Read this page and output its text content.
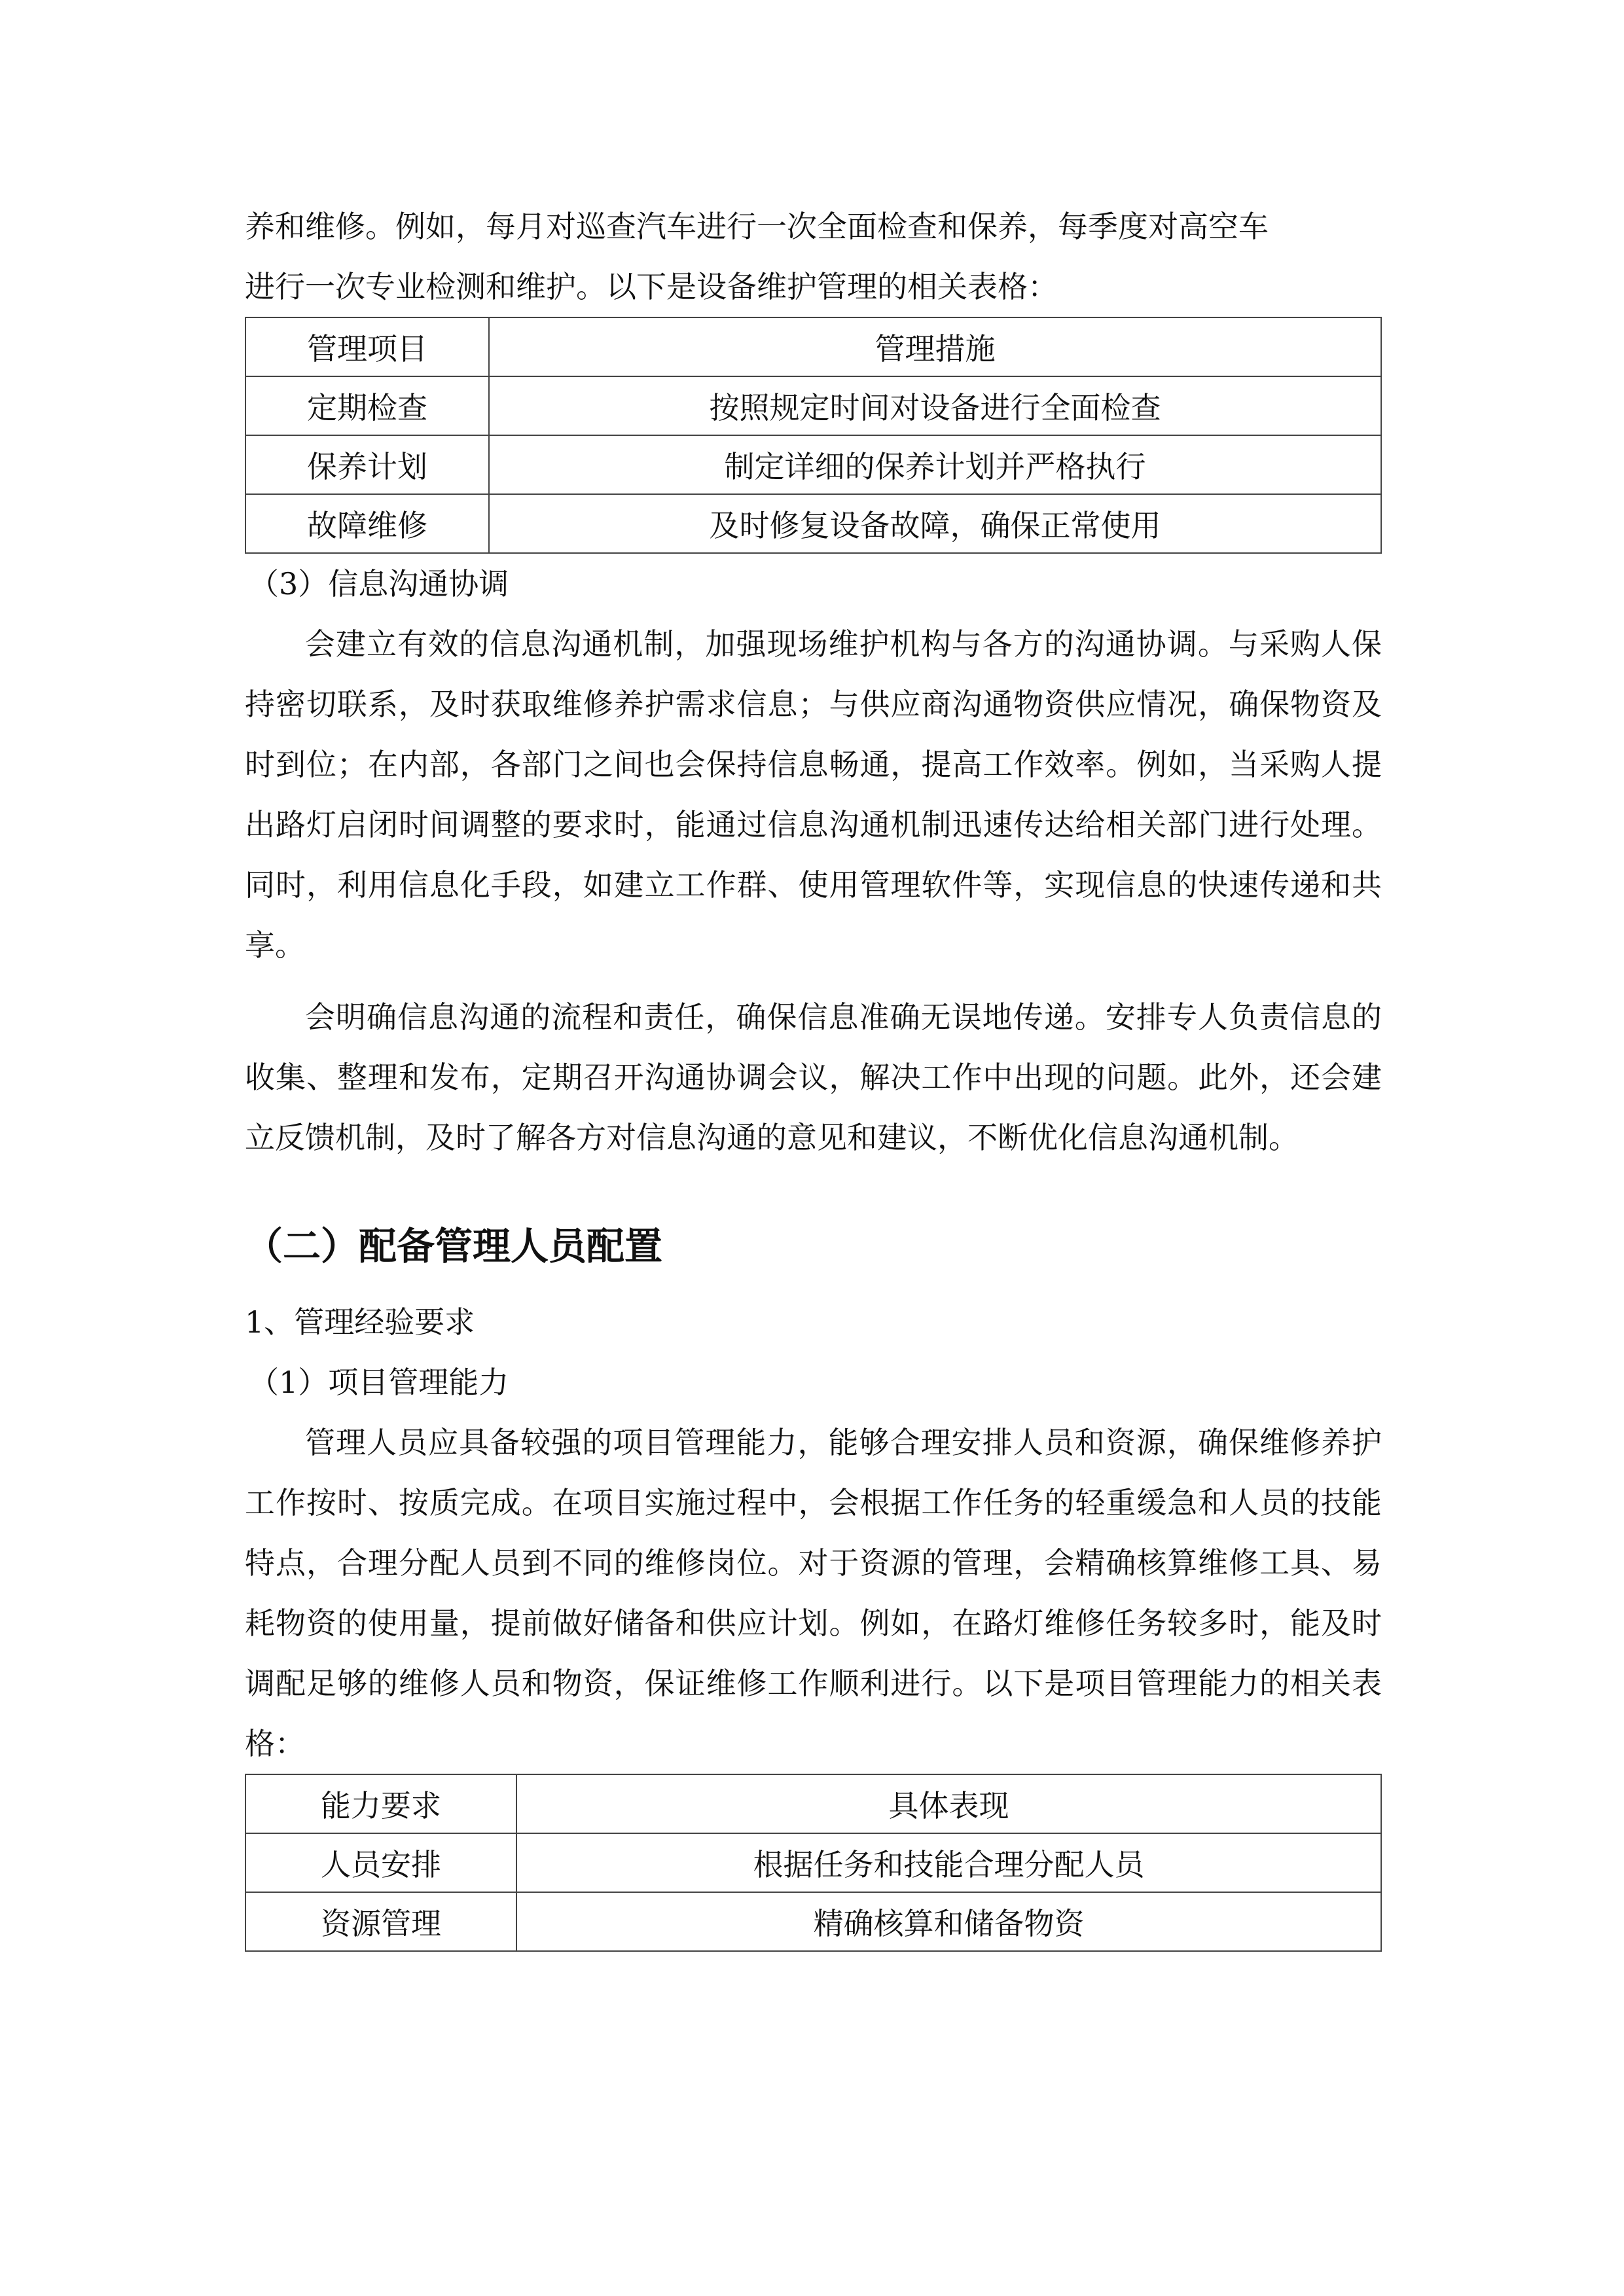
养和维修。例如，每月对巡查汽车进行一次全面检查和保养，每季度对高空车

进行一次专业检测和维护。以下是设备维护管理的相关表格：

管理项目	管理措施
定期检查	按照规定时间对设备进行全面检查
保养计划	制定详细的保养计划并严格执行
故障维修	及时修复设备故障，确保正常使用

（3）信息沟通协调

会建立有效的信息沟通机制，加强现场维护机构与各方的沟通协调。与采购人保持密切联系，及时获取维修养护需求信息；与供应商沟通物资供应情况，确保物资及时到位；在内部，各部门之间也会保持信息畅通，提高工作效率。例如，当采购人提出路灯启闭时间调整的要求时，能通过信息沟通机制迅速传达给相关部门进行处理。同时，利用信息化手段，如建立工作群、使用管理软件等，实现信息的快速传递和共享。

会明确信息沟通的流程和责任，确保信息准确无误地传递。安排专人负责信息的收集、整理和发布，定期召开沟通协调会议，解决工作中出现的问题。此外，还会建立反馈机制，及时了解各方对信息沟通的意见和建议，不断优化信息沟通机制。

（二）配备管理人员配置

1、管理经验要求

（1）项目管理能力

管理人员应具备较强的项目管理能力，能够合理安排人员和资源，确保维修养护工作按时、按质完成。在项目实施过程中，会根据工作任务的轻重缓急和人员的技能特点，合理分配人员到不同的维修岗位。对于资源的管理，会精确核算维修工具、易耗物资的使用量，提前做好储备和供应计划。例如，在路灯维修任务较多时，能及时调配足够的维修人员和物资，保证维修工作顺利进行。以下是项目管理能力的相关表格：

能力要求	具体表现
人员安排	根据任务和技能合理分配人员
资源管理	精确核算和储备物资
